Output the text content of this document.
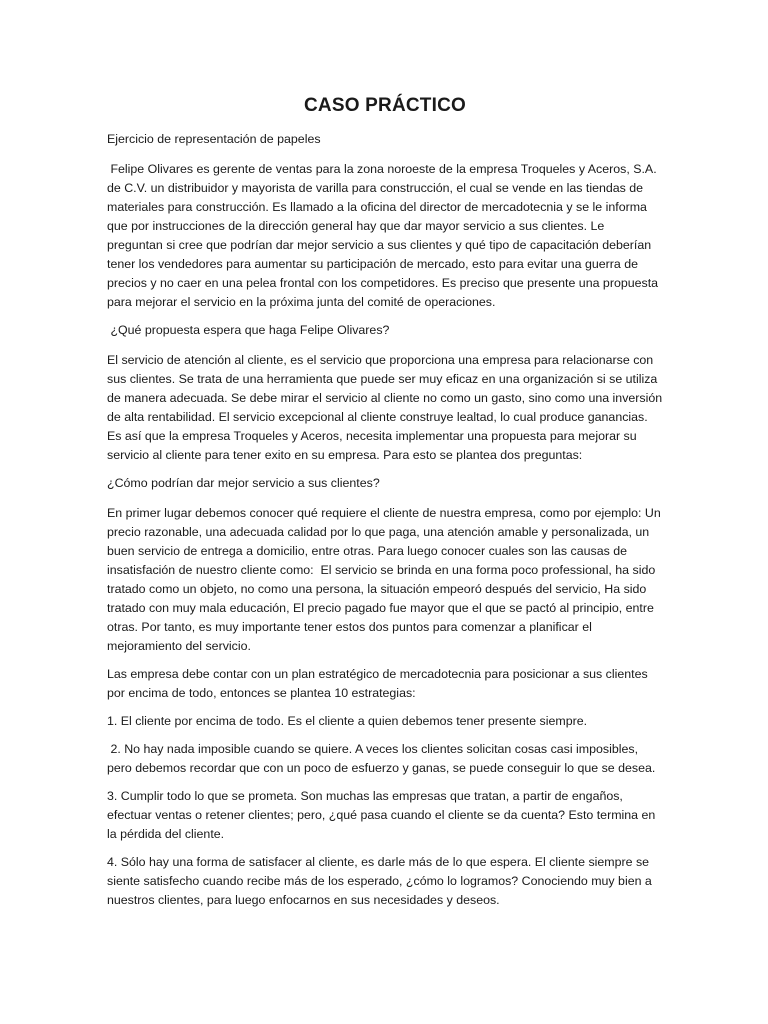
CASO PRÁCTICO
Ejercicio de representación de papeles
Felipe Olivares es gerente de ventas para la zona noroeste de la empresa Troqueles y Aceros, S.A. de C.V. un distribuidor y mayorista de varilla para construcción, el cual se vende en las tiendas de materiales para construcción. Es llamado a la oficina del director de mercadotecnia y se le informa que por instrucciones de la dirección general hay que dar mayor servicio a sus clientes. Le preguntan si cree que podrían dar mejor servicio a sus clientes y qué tipo de capacitación deberían tener los vendedores para aumentar su participación de mercado, esto para evitar una guerra de precios y no caer en una pelea frontal con los competidores. Es preciso que presente una propuesta para mejorar el servicio en la próxima junta del comité de operaciones.
¿Qué propuesta espera que haga Felipe Olivares?
El servicio de atención al cliente, es el servicio que proporciona una empresa para relacionarse con sus clientes. Se trata de una herramienta que puede ser muy eficaz en una organización si se utiliza de manera adecuada. Se debe mirar el servicio al cliente no como un gasto, sino como una inversión de alta rentabilidad. El servicio excepcional al cliente construye lealtad, lo cual produce ganancias. Es así que la empresa Troqueles y Aceros, necesita implementar una propuesta para mejorar su servicio al cliente para tener exito en su empresa. Para esto se plantea dos preguntas:
¿Cómo podrían dar mejor servicio a sus clientes?
En primer lugar debemos conocer qué requiere el cliente de nuestra empresa, como por ejemplo: Un precio razonable, una adecuada calidad por lo que paga, una atención amable y personalizada, un buen servicio de entrega a domicilio, entre otras. Para luego conocer cuales son las causas de insatisfación de nuestro cliente como:  El servicio se brinda en una forma poco professional, ha sido tratado como un objeto, no como una persona, la situación empeoró después del servicio, Ha sido tratado con muy mala educación, El precio pagado fue mayor que el que se pactó al principio, entre otras. Por tanto, es muy importante tener estos dos puntos para comenzar a planificar el mejoramiento del servicio.
Las empresa debe contar con un plan estratégico de mercadotecnia para posicionar a sus clientes por encima de todo, entonces se plantea 10 estrategias:
1. El cliente por encima de todo. Es el cliente a quien debemos tener presente siempre.
2. No hay nada imposible cuando se quiere. A veces los clientes solicitan cosas casi imposibles, pero debemos recordar que con un poco de esfuerzo y ganas, se puede conseguir lo que se desea.
3. Cumplir todo lo que se prometa. Son muchas las empresas que tratan, a partir de engaños, efectuar ventas o retener clientes; pero, ¿qué pasa cuando el cliente se da cuenta? Esto termina en la pérdida del cliente.
4. Sólo hay una forma de satisfacer al cliente, es darle más de lo que espera. El cliente siempre se siente satisfecho cuando recibe más de los esperado, ¿cómo lo logramos? Conociendo muy bien a nuestros clientes, para luego enfocarnos en sus necesidades y deseos.
